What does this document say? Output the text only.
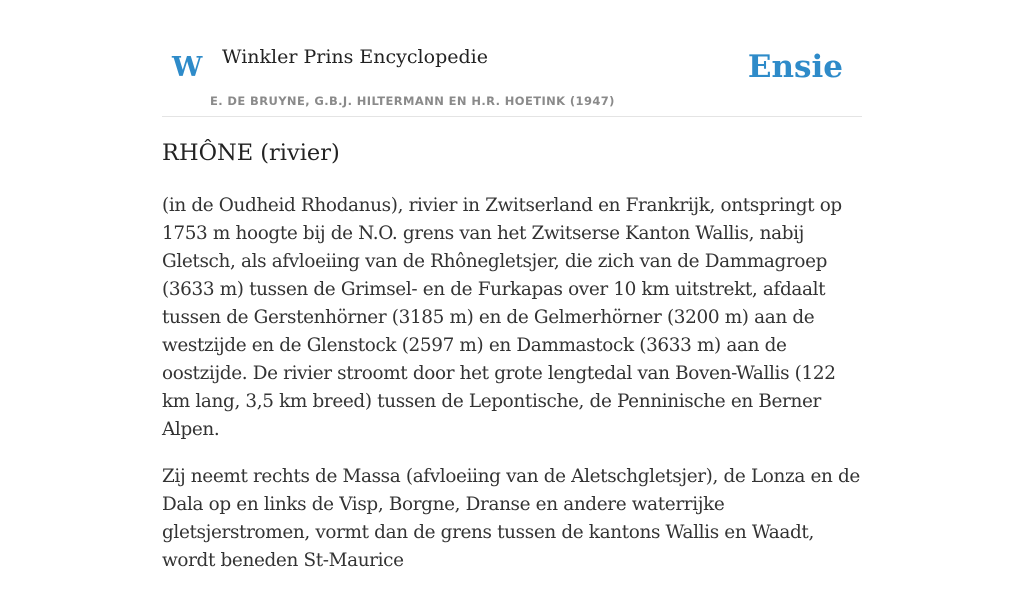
W Winkler Prins Encyclopedie
E. DE BRUYNE, G.B.J. HILTERMANN EN H.R. HOETINK (1947)
Ensie
RHÔNE (rivier)

(in de Oudheid Rhodanus), rivier in Zwitserland en Frankrijk, ontspringt op 1753 m hoogte bij de N.O. grens van het Zwitserse Kanton Wallis, nabij Gletsch, als afvloeiing van de Rhônegletsjer, die zich van de Dammagroep (3633 m) tussen de Grimsel- en de Furkapas over 10 km uitstrekt, afdaalt tussen de Gerstenhörner (3185 m) en de Gelmerhörner (3200 m) aan de westzijde en de Glenstock (2597 m) en Dammastock (3633 m) aan de oostzijde. De rivier stroomt door het grote lengtedal van Boven-Wallis (122 km lang, 3,5 km breed) tussen de Lepontische, de Penninische en Berner Alpen.

Zij neemt rechts de Massa (afvloeiing van de Aletschgletsjer), de Lonza en de Dala op en links de Visp, Borgne, Dranse en andere waterrijke gletsjerstromen, vormt dan de grens tussen de kantons Wallis en Waadt, wordt beneden St-Maurice
